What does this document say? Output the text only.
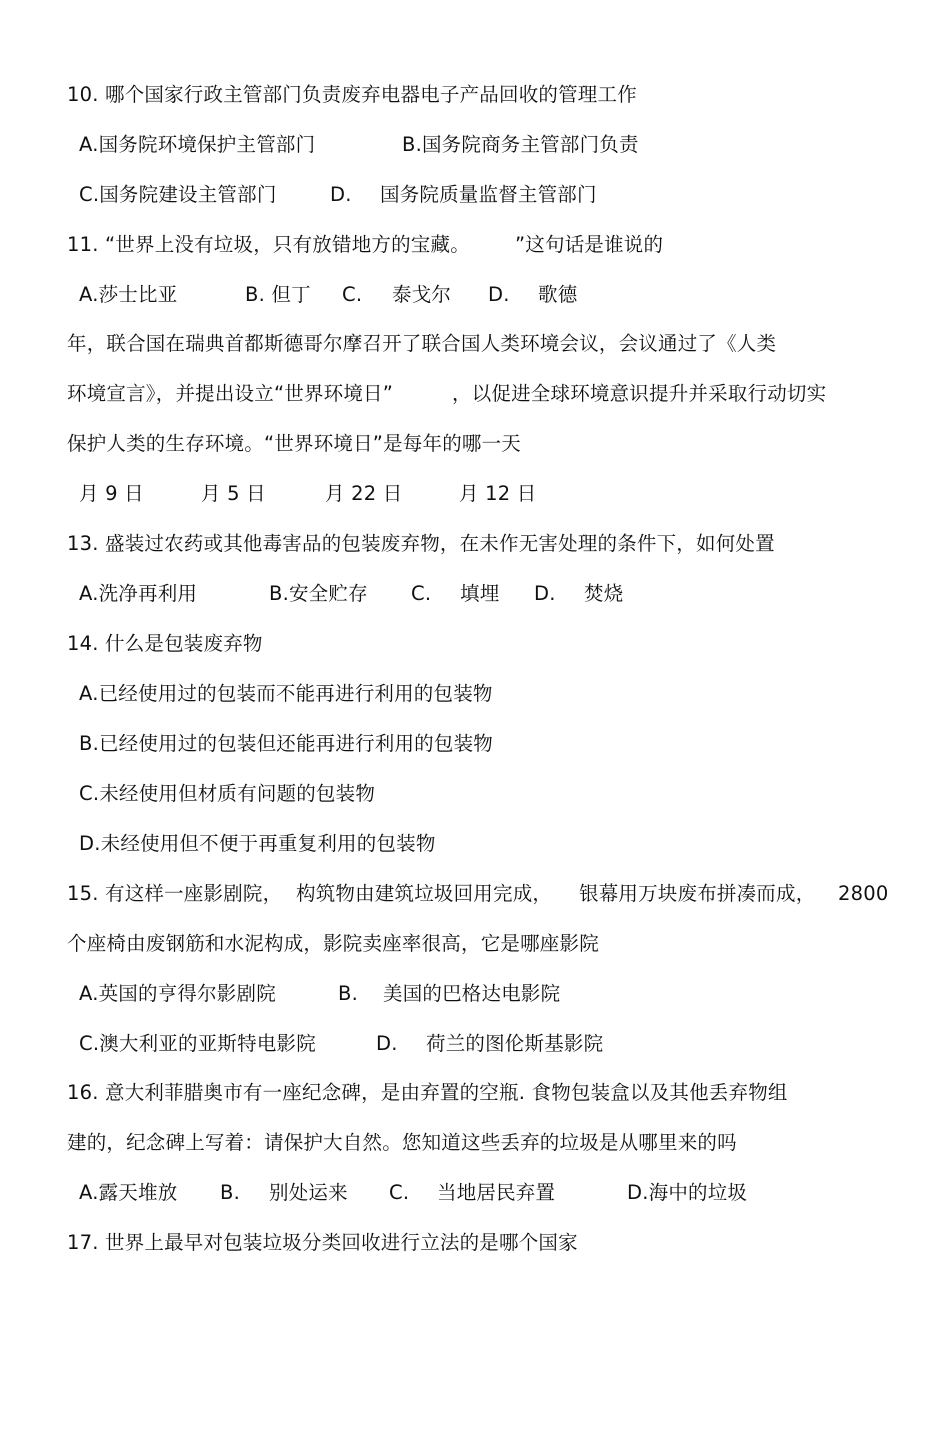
10. 哪个国家行政主管部门负责废弃电器电子产品回收的管理工作

A.国务院环境保护主管部门

	B.国务院商务主管部门负责

C.国务院建设主管部门

	D.

国务院质量监督主管部门

11. “世界上没有垃圾，只有放错地方的宝藏。

”这句话是谁说的

A.莎士比亚

	B. 但丁

C.

泰戈尔

D.

歌德

年，联合国在瑞典首都斯德哥尔摩召开了联合国人类环境会议，会议通过了《人类

环境宣言》，并提出设立“世界环境日”

	，以促进全球环境意识提升并采取行动切实

保护人类的生存环境。“世界环境日”是每年的哪一天

月 9 日

	月 5 日

	月 22 日

	月 12 日

13. 盛装过农药或其他毒害品的包装废弃物，在未作无害处理的条件下，如何处置

A.洗净再利用

	B.安全贮存

C.

填埋

D.

焚烧

14. 什么是包装废弃物
A.已经使用过的包装而不能再进行利用的包装物
B.已经使用过的包装但还能再进行利用的包装物
C.未经使用但材质有问题的包装物
D.未经使用但不便于再重复利用的包装物

15. 有这样一座影剧院，

构筑物由建筑垃圾回用完成，

银幕用万块废布拼凑而成，

2800

个座椅由废钢筋和水泥构成，影院卖座率很高，它是哪座影院

A.英国的亨得尔影剧院

	B.

美国的巴格达电影院

C.澳大利亚的亚斯特电影院

	D.

荷兰的图伦斯基影院

16. 意大利菲腊奥市有一座纪念碑，是由弃置的空瓶. 食物包装盒以及其他丢弃物组
建的，纪念碑上写着：请保护大自然。您知道这些丢弃的垃圾是从哪里来的吗

A.露天堆放

B.

别处运来

C.

当地居民弃置

	D.海中的垃圾

17. 世界上最早对包装垃圾分类回收进行立法的是哪个国家
